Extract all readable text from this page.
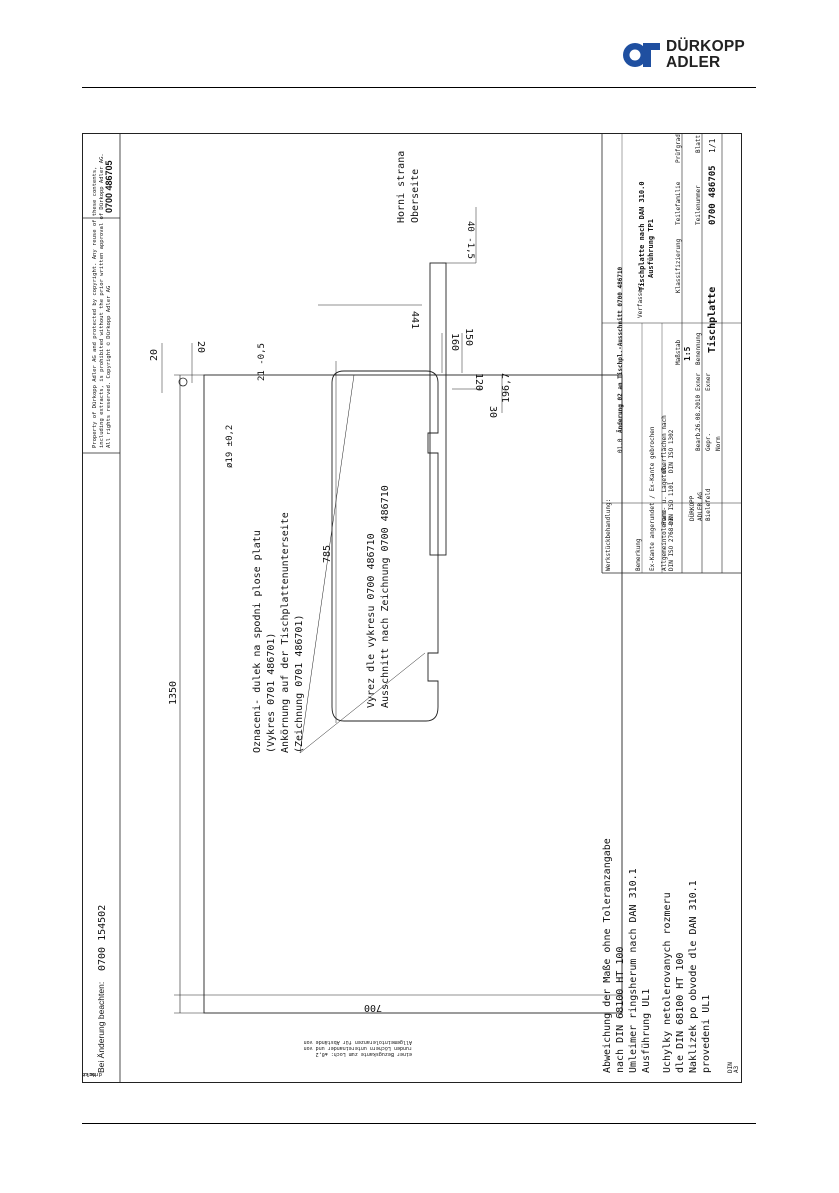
DÜRKOPP
ADLER
0700 486705
Property of Dürkopp Adler AG and protected by copyright. Any reuse of these contents, including extracts, is prohibited without the prior written approval of Dürkopp Adler AG. All rights reserved. Copyright © Dürkopp Adler AG
Bei Änderung beachten:
0700 154502
1350
700
20
20
ø19 ±0,2
21 -0,5
Oznaceni- dulek na spodni plose platu (Vykres 0701 486701) Ankörnung auf der Tischplattenunterseite (Zeichnung 0701 486701)
785	Vyrez dle vykresu 0700 486710 Ausschnitt nach Zeichnung 0700 486710
441
160 150
120
30
196,7
Horni strana Oberseite
40 -1,5
Abweichung der Maße ohne Toleranzangabe nach DIN 68100 HT 100 Umleimer ringsherum nach DAN 310.1 Ausführung UL1 Uchylky netolerovanych rozmeru dle DIN 68100 HT 100 Naklizek po obvode dle DAN 310.1 provedeni UL1
Werkstückbehandlung:	Bemerkung Ex-Kante angerundet / Ex-Kante gebrochen Allgemeintoleranz DIN ISO 2768-mK
Form- u. Lagetol. DIN ISO 1101
Oberflächen nach DIN ISO 1302
01.0
Änderung 02 an Tischpl.-Ausschnitt 0700 486710 Verfasser:
Tischplatte nach DAN 310.0 Ausführung TP1
Maßstab 1:5
Klassifizierung
Teilefamilie
Prüfgrad
Benennung Tischplatte
Teilenummer 0700 486705
Blatt 1/1
Bearb.
26.08.2010
Exner
Gepr.
Exner
Norm
DÜRKOPP ADLER AG Bielefeld
DIN A3
Holz	druckt
Allgemeintoleranzen für Abstände von
runden Löchern untereinander und von
einer Bezugskante zum Loch: ±0,2
